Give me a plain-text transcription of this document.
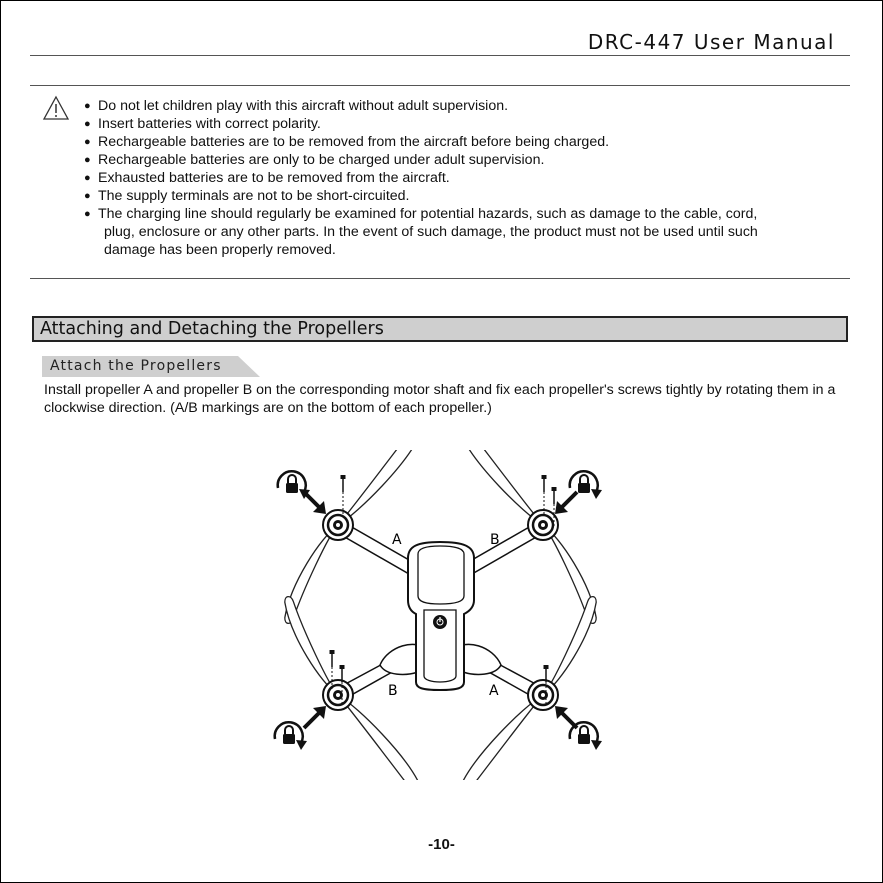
DRC-447 User Manual
● Do not let children play with this aircraft without adult supervision.
● Insert batteries with correct polarity.
● Rechargeable batteries are to be removed from the aircraft before being charged.
● Rechargeable batteries are only to be charged under adult supervision.
● Exhausted batteries are to be removed from the aircraft.
● The supply terminals are not to be short-circuited.
● The charging line should regularly be examined for potential hazards, such as damage to the cable, cord,
plug, enclosure or any other parts. In the event of such damage, the product must not be used until such
damage has been properly removed.
Attaching and Detaching the Propellers
Attach the Propellers

Install propeller A and propeller B on the corresponding motor shaft and fix each propeller's screws tightly by rotating them in a clockwise direction. (A/B markings are on the bottom of each propeller.)

A	B
B	A
-10-
